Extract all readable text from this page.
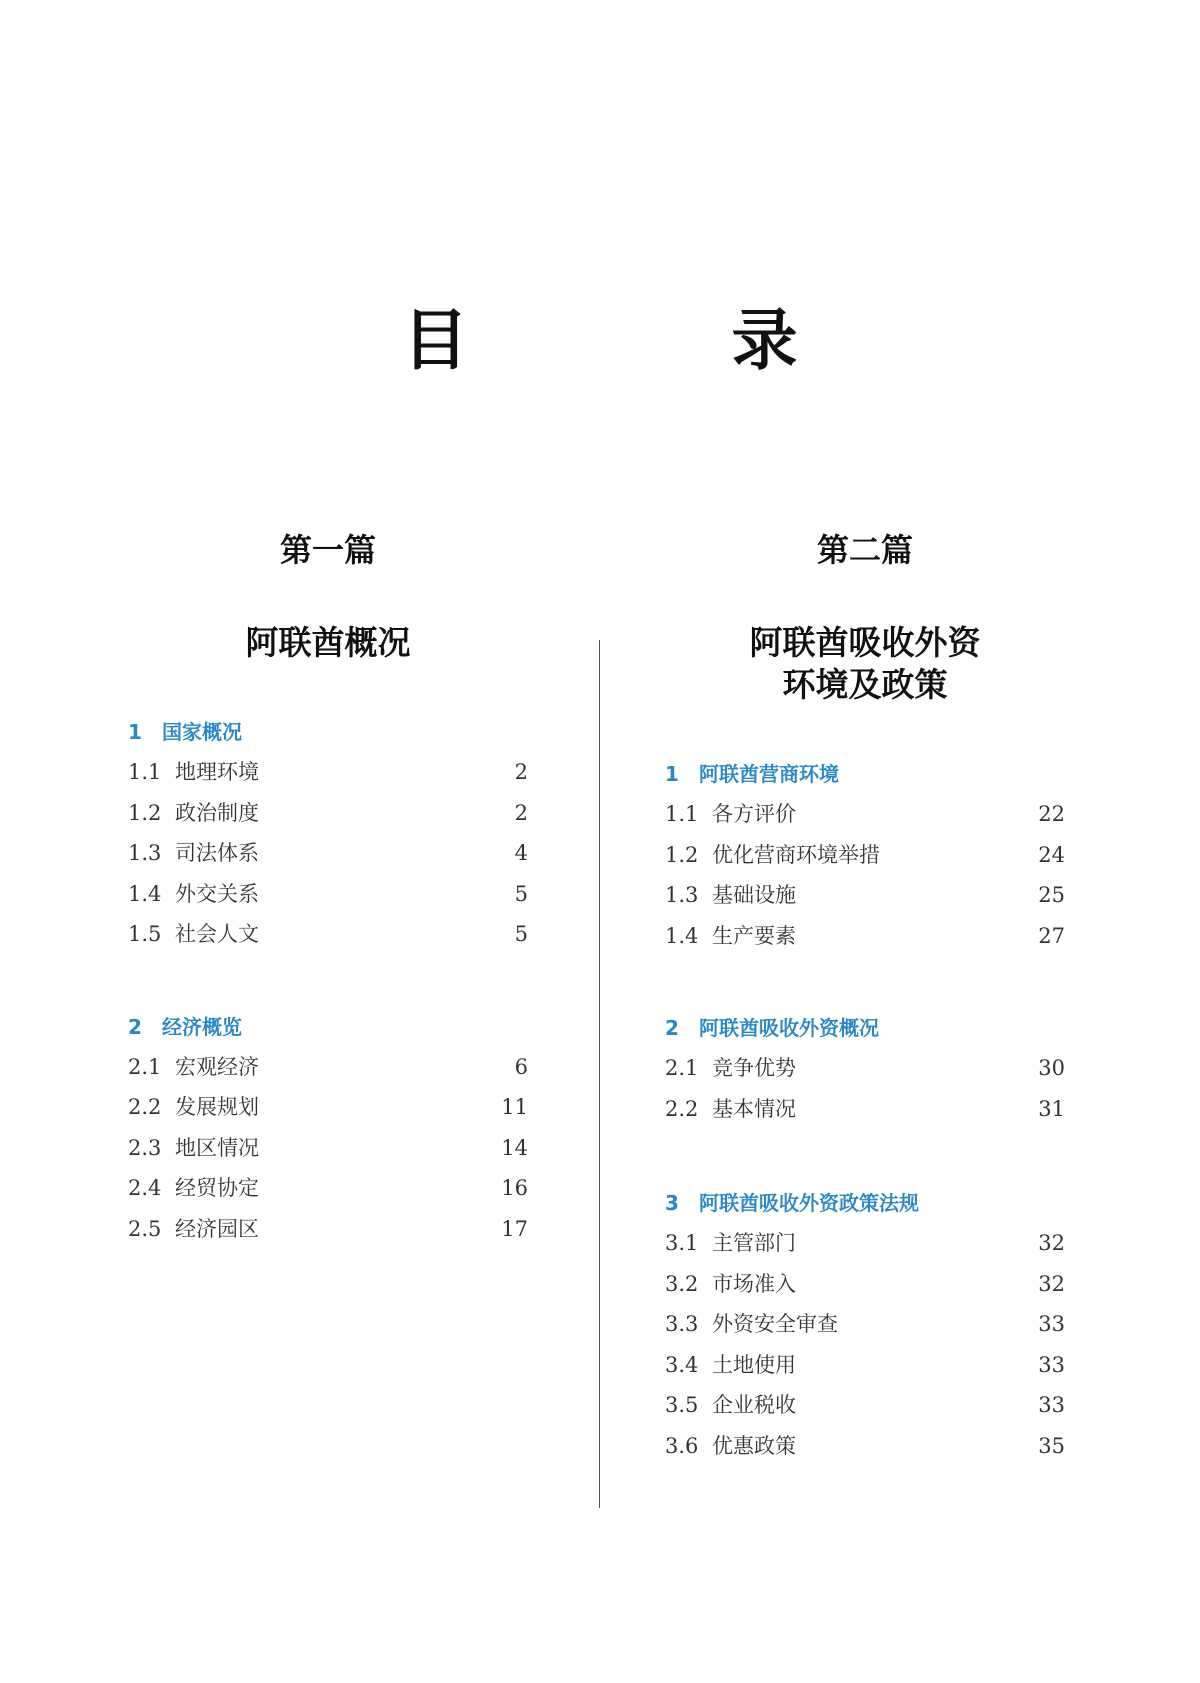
目 录
第一篇
阿联酋概况
1 国家概况
1.1 地理环境	2
1.2 政治制度	2
1.3 司法体系	4
1.4 外交关系	5
1.5 社会人文	5
2 经济概览
2.1 宏观经济	6
2.2 发展规划	11
2.3 地区情况	14
2.4 经贸协定	16
2.5 经济园区	17
第二篇
阿联酋吸收外资
环境及政策
1 阿联酋营商环境
1.1 各方评价	22
1.2 优化营商环境举措	24
1.3 基础设施	25
1.4 生产要素	27
2 阿联酋吸收外资概况
2.1 竞争优势	30
2.2 基本情况	31
3 阿联酋吸收外资政策法规
3.1 主管部门	32
3.2 市场准入	32
3.3 外资安全审查	33
3.4 土地使用	33
3.5 企业税收	33
3.6 优惠政策	35
